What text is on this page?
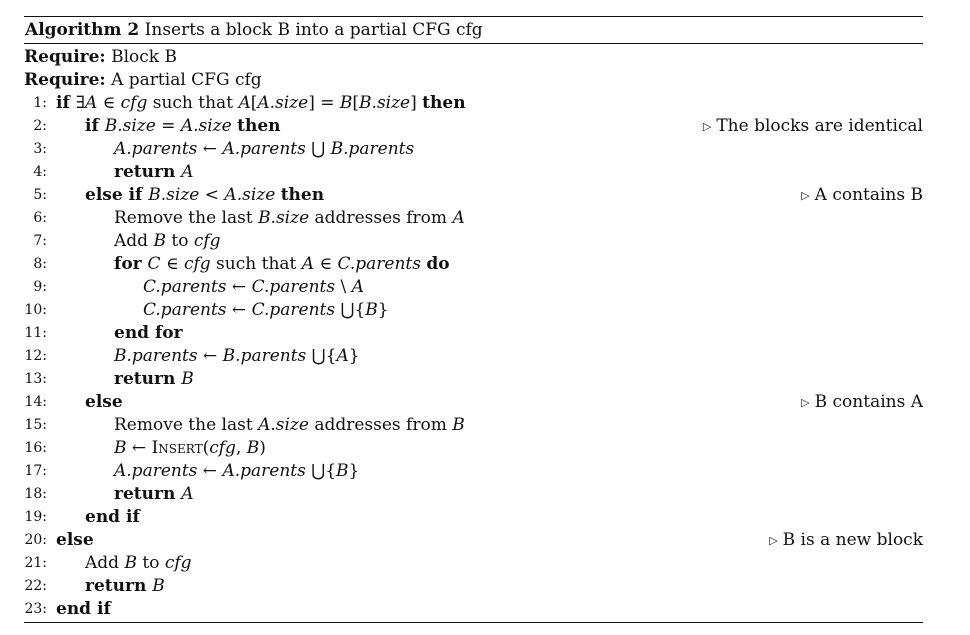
Algorithm 2 Inserts a block B into a partial CFG cfg
Require: Block B
Require: A partial CFG cfg
1: if ∃A ∈ cfg such that A[A.size] = B[B.size] then
2: if B.size = A.size then	▷ The blocks are identical
3:	A.parents ← A.parents ⋃ B.parents
4:	return A
5: else if B.size < A.size then	▷ A contains B
6:	Remove the last B.size addresses from A
7:	Add B to cfg
8:	for C ∈ cfg such that A ∈ C.parents do
9:	C.parents ← C.parents \ A
10:	C.parents ← C.parents ⋃{B}
11:	end for
12:	B.parents ← B.parents ⋃{A}
13:	return B
14: else	▷ B contains A
15:	Remove the last A.size addresses from B
16:	B ← Insert(cfg, B)
17:	A.parents ← A.parents ⋃{B}
18:	return A
19: end if
20: else	▷ B is a new block
21: Add B to cfg
22: return B
23: end if
